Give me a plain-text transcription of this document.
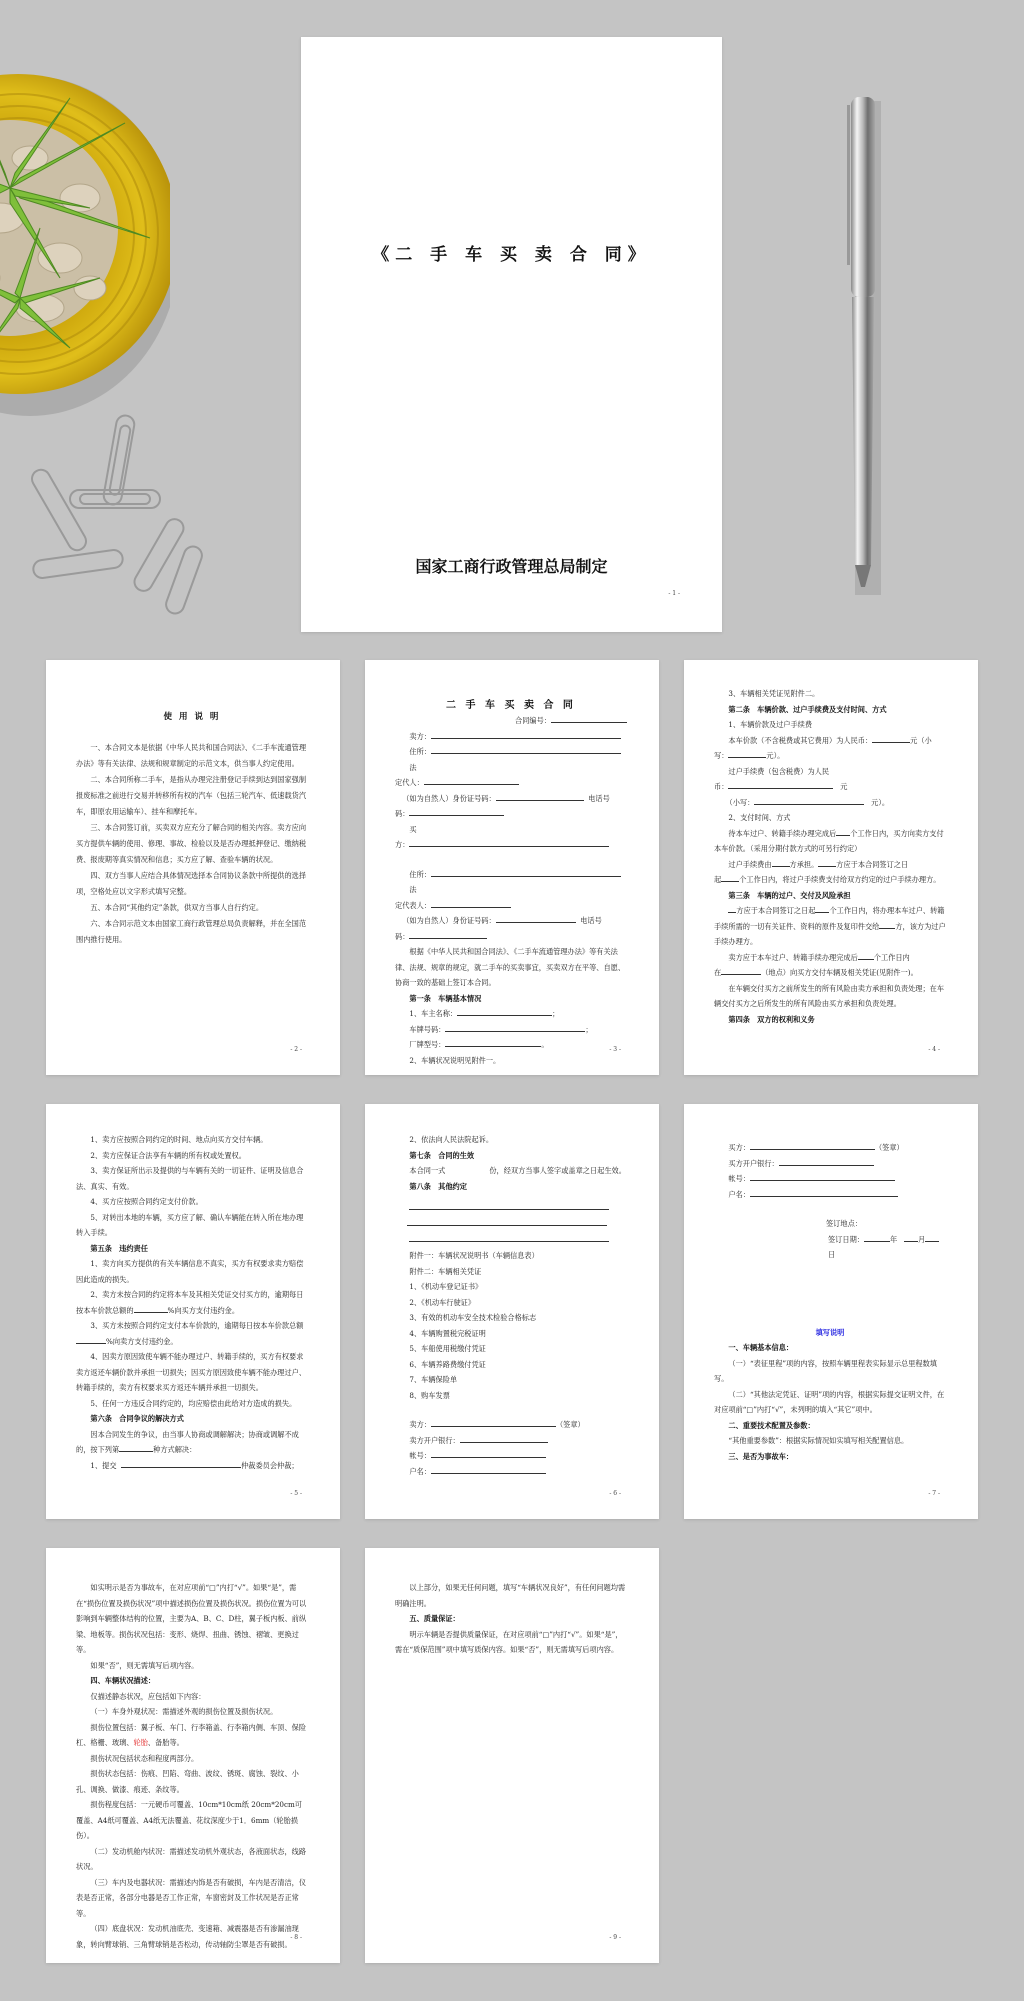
《二 手 车 买 卖 合 同》
国家工商行政管理总局制定
- 1 -
使 用 说 明

一、本合同文本是依据《中华人民共和国合同法》、《二手车流通管理办法》等有关法律、法规和规章制定的示范文本，供当事人约定使用。

二、本合同所称二手车，是指从办理完注册登记手续到达到国家强制报废标准之前进行交易并转移所有权的汽车（包括三轮汽车、低速载货汽车，即原农用运输车）、挂车和摩托车。

三、本合同签订前，买卖双方应充分了解合同的相关内容。卖方应向买方提供车辆的使用、修理、事故、检验以及是否办理抵押登记、缴纳税费、报废期等真实情况和信息；买方应了解、查验车辆的状况。

四、双方当事人应结合具体情况选择本合同协议条款中所提供的选择项，空格处应以文字形式填写完整。

五、本合同“其他约定”条款，供双方当事人自行约定。

六、本合同示范文本由国家工商行政管理总局负责解释，并在全国范围内推行使用。

- 2 -
二 手 车 买 卖 合 同
合同编号：
卖方：
住所： 法
定代人：
（如为自然人）身份证号码：	电话号
码：
买
方：
住所： 法
定代表人：
（如为自然人）身份证号码：	电话号
码：

根据《中华人民共和国合同法》、《二手车流通管理办法》等有关法律、法规、规章的规定，就二手车的买卖事宜，买卖双方在平等、自愿、协商一致的基础上签订本合同。

第一条　车辆基本情况

1、车主名称：	；
车牌号码：	；
厂牌型号：	。
2、车辆状况说明见附件一。
- 3 -
3、车辆相关凭证见附件二。

第二条　车辆价款、过户手续费及支付时间、方式

1、车辆价款及过户手续费
本车价款（不含税费或其它费用）为人民币：	元（小
写：	元）。
过户手续费（包含税费）为人民
币：	元
（小写：	元）。
2、支付时间、方式
待本车过户、转籍手续办理完成后 个工作日内，买方向卖方支付
本车价款。（采用分期付款方式的可另行约定）
过户手续费由	方承担。	方应于本合同签订之日
起	个工作日内，将过户手续费支付给双方约定的过户手续办理方。

第三条　车辆的过户、交付及风险承担

方应于本合同签订之日起 个工作日内，将办理本车过户、转籍手续所需的一切有关证件、资料的原件及复印件交给 方，该方为过户手续办理方。
卖方应于本车过户、转籍手续办理完成后 个工作日内
在	（地点）向买方交付车辆及相关凭证(见附件一)。

在车辆交付买方之前所发生的所有风险由卖方承担和负责处理；在车辆交付买方之后所发生的所有风险由买方承担和负责处理。

第四条　双方的权利和义务

- 4 -

1、卖方应按照合同约定的时间、地点向买方交付车辆。

2、卖方应保证合法享有车辆的所有权或处置权。

3、卖方保证所出示及提供的与车辆有关的一切证件、证明及信息合法、真实、有效。

4、买方应按照合同约定支付价款。

5、对转出本地的车辆，买方应了解、确认车辆能在转入所在地办理转入手续。

第五条　违约责任

1、卖方向买方提供的有关车辆信息不真实，买方有权要求卖方赔偿因此造成的损失。

2、卖方未按合同的约定将本车及其相关凭证交付买方的，逾期每日按本车价款总额的	%向买方支付违约金。

3、买方未按照合同约定支付本车价款的，逾期每日按本车价款总额%向卖方支付违约金。

4、因卖方原因致使车辆不能办理过户、转籍手续的，买方有权要求卖方返还车辆价款并承担一切损失；因买方原因致使车辆不能办理过户、转籍手续的，卖方有权要求买方返还车辆并承担一切损失。

5、任何一方违反合同约定的，均应赔偿由此给对方造成的损失。

第六条　合同争议的解决方式

因本合同发生的争议，由当事人协商或调解解决；协商或调解不成的，按下列第	种方式解决：

1、提交	仲裁委员会仲裁；

- 5 -
2、依法向人民法院起诉。

第七条　合同的生效

本合同一式	份，经双方当事人签字或盖章之日起生效。

第八条　其他约定

附件一：车辆状况说明书（车辆信息表）
附件二：车辆相关凭证
1、《机动车登记证书》
2、《机动车行驶证》
3、有效的机动车安全技术检验合格标志
4、车辆购置税完税证明
5、车船使用税缴付凭证
6、车辆养路费缴付凭证
7、车辆保险单
8、购车发票
卖方：	（签章）
卖方开户银行：
帐号：
户名：
- 6 -
买方：	（签章）
买方开户银行：
帐号：
户名：
签订地点：
签订日期：	年	月日
填写说明

一、车辆基本信息：

（一）“表征里程”项的内容，按照车辆里程表实际显示总里程数填写。

（二）“其他法定凭证、证明”项的内容，根据实际提交证明文件，在对应项前“□”内打“√”，未列明的填入“其它”项中。

二、重要技术配置及参数：

“其他重要参数”：根据实际情况如实填写相关配置信息。

三、是否为事故车：

- 7 -

如实明示是否为事故车，在对应项前“□”内打“√”。如果“是”，需在“损伤位置及损伤状况”项中描述损伤位置及损伤状况。损伤位置为可以影响到车辆整体结构的位置，主要为A、B、C、D柱，翼子板内板、前纵梁、地板等。损伤状况包括：变形、烧焊、扭曲、锈蚀、褶皱、更换过等。

如果“否”，则无需填写后项内容。

四、车辆状况描述：

仅描述静态状况，应包括如下内容：

（一）车身外观状况：需描述外观的损伤位置及损伤状况。

损伤位置包括：翼子板、车门、行李箱盖、行李箱内侧、车顶、保险杠、格栅、玻璃、轮胎、备胎等。

损伤状况包括状态和程度两部分。

损伤状态包括：伤痕、凹陷、弯曲、波纹、锈斑、腐蚀、裂纹、小孔、调换、做漆、痕迹、条纹等。

损伤程度包括：一元硬币可覆盖、10cm*10cm纸 20cm*20cm可覆盖、A4纸可覆盖、A4纸无法覆盖、花纹深度少于1．6mm（轮胎损伤）。

（二）发动机舱内状况：需描述发动机外观状态，各液面状态，线路状况。

（三）车内及电器状况：需描述内饰是否有破损，车内是否清洁，仪表是否正常，各部分电器是否工作正常，车窗密封及工作状况是否正常等。

（四）底盘状况：发动机油底壳、变速箱、减震器是否有渗漏油现象，转向臂球销、三角臂球销是否松动，传动轴防尘罩是否有破损。

- 8 -

以上部分，如果无任何问题，填写“车辆状况良好”，有任何问题均需明确注明。

五、质量保证：

明示车辆是否提供质量保证，在对应项前“□”内打“√”。如果“是”，需在“质保范围”项中填写质保内容。如果“否”，则无需填写后项内容。

- 9 -
